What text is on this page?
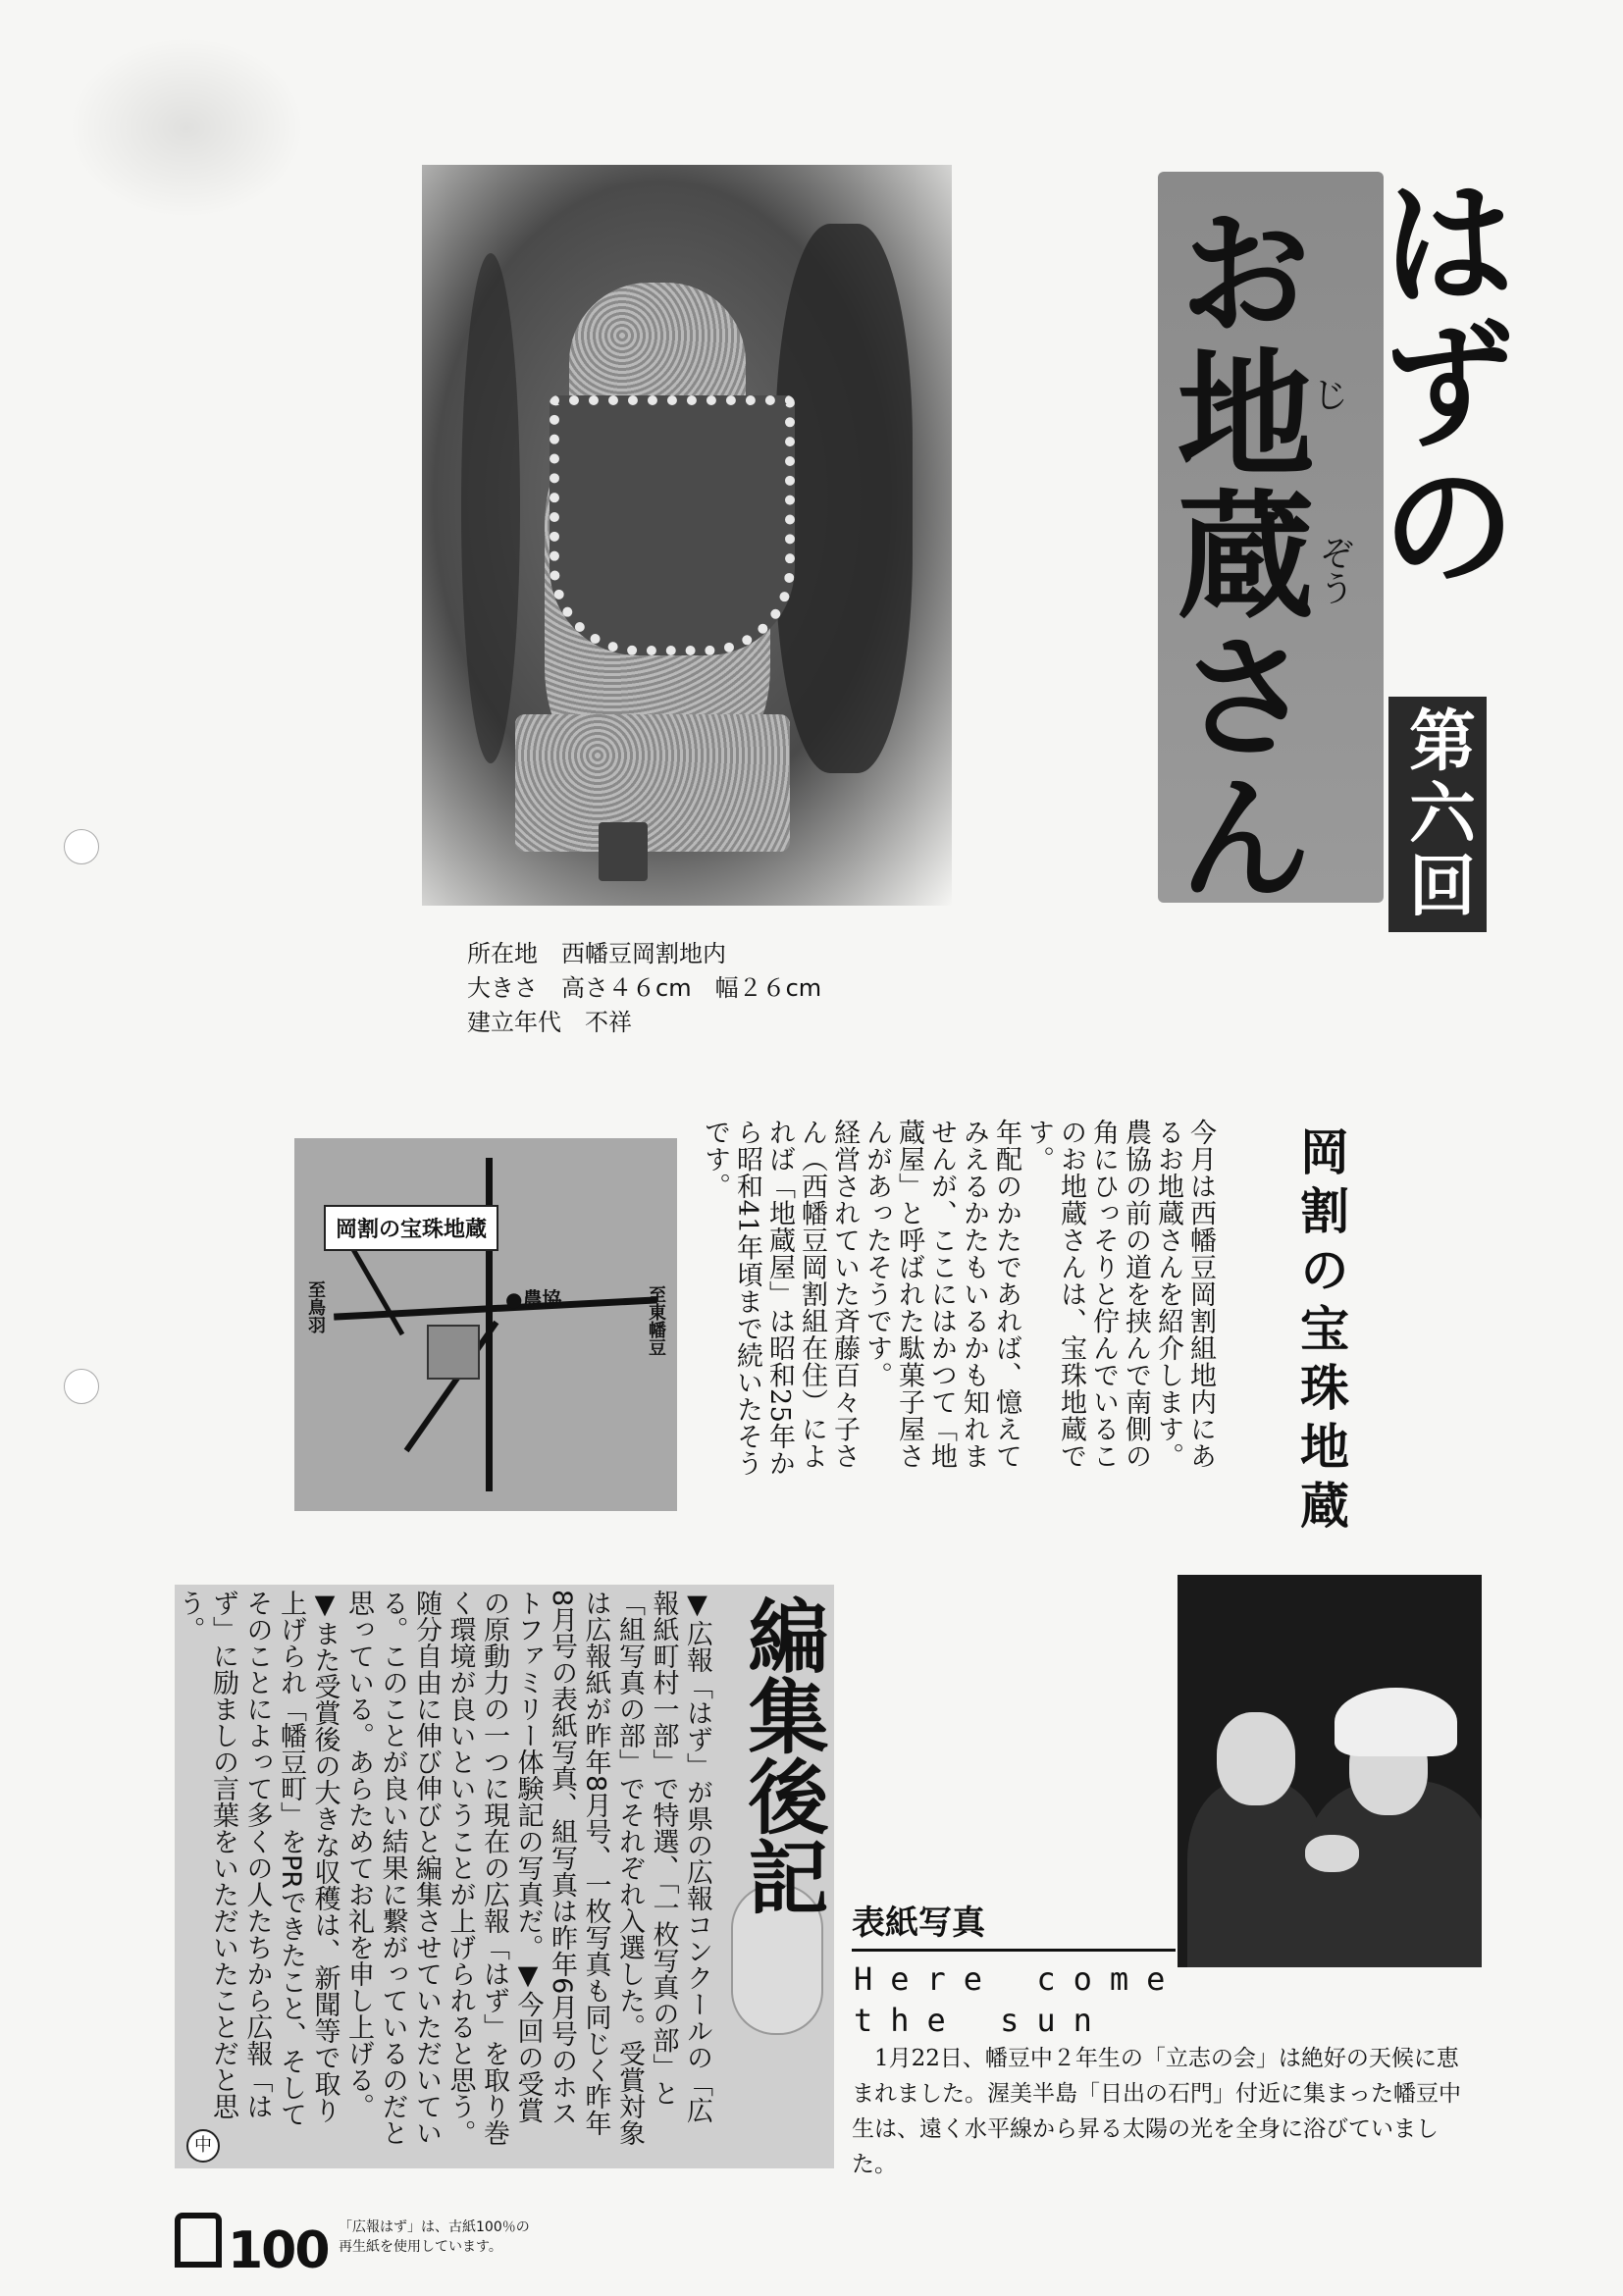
はずの
お地蔵さん
じ
ぞう
第六回
所在地　西幡豆岡割地内
大きさ　高さ４６cm　幅２６cm
建立年代　不祥
岡割の宝珠地蔵
●農協
至鳥羽	至東幡豆	岡割の宝珠地蔵
今月は西幡豆岡割組地内にあるお地蔵さんを紹介します。
農協の前の道を挟んで南側の角にひっそりと佇んでいるこのお地蔵さんは、宝珠地蔵です。
年配のかたであれば、憶えてみえるかたもいるかも知れませんが、ここにはかつて「地蔵屋」と呼ばれた駄菓子屋さんがあったそうです。
経営されていた斉藤百々子さん（西幡豆岡割組在住）によれば「地蔵屋」は昭和25年から昭和41年頃まで続いたそうです。
編集後記
▼広報「はず」が県の広報コンクールの「広報紙町村一部」で特選、「一枚写真の部」と「組写真の部」でそれぞれ入選した。受賞対象は広報紙が昨年8月号、一枚写真も同じく昨年8月号の表紙写真、組写真は昨年6月号のホストファミリー体験記の写真だ。▼今回の受賞の原動力の一つに現在の広報「はず」を取り巻く環境が良いということが上げられると思う。随分自由に伸び伸びと編集させていただいている。このことが良い結果に繋がっているのだと思っている。あらためてお礼を申し上げる。▼また受賞後の大きな収穫は、新聞等で取り上げられ「幡豆町」をPRできたこと、そしてそのことによって多くの人たちから広報「はず」に励ましの言葉をいただいたことだと思う。
中
表紙写真
Here come
the sun
1月22日、幡豆中２年生の「立志の会」は絶好の天候に恵まれました。渥美半島「日出の石門」付近に集まった幡豆中生は、遠く水平線から昇る太陽の光を全身に浴びていました。
100 「広報はず」は、古紙100％の
再生紙を使用しています。
